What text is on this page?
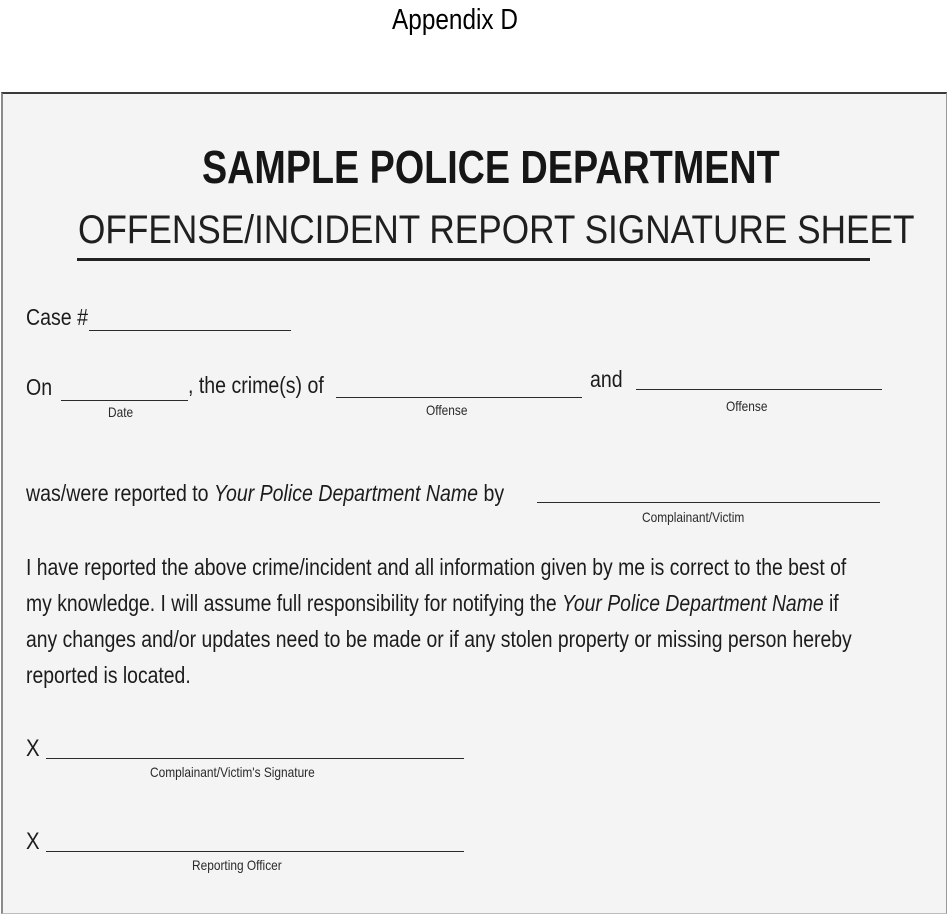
Appendix D
SAMPLE POLICE DEPARTMENT
OFFENSE/INCIDENT REPORT SIGNATURE SHEET
Case #
On
Date
, the crime(s) of
Offense
and
Offense
was/were reported to Your Police Department Name by
Complainant/Victim
I have reported the above crime/incident and all information given by me is correct to the best of
my knowledge. I will assume full responsibility for notifying the Your Police Department Name if
any changes and/or updates need to be made or if any stolen property or missing person hereby
reported is located.
X
Complainant/Victim's Signature
X
Reporting Officer
